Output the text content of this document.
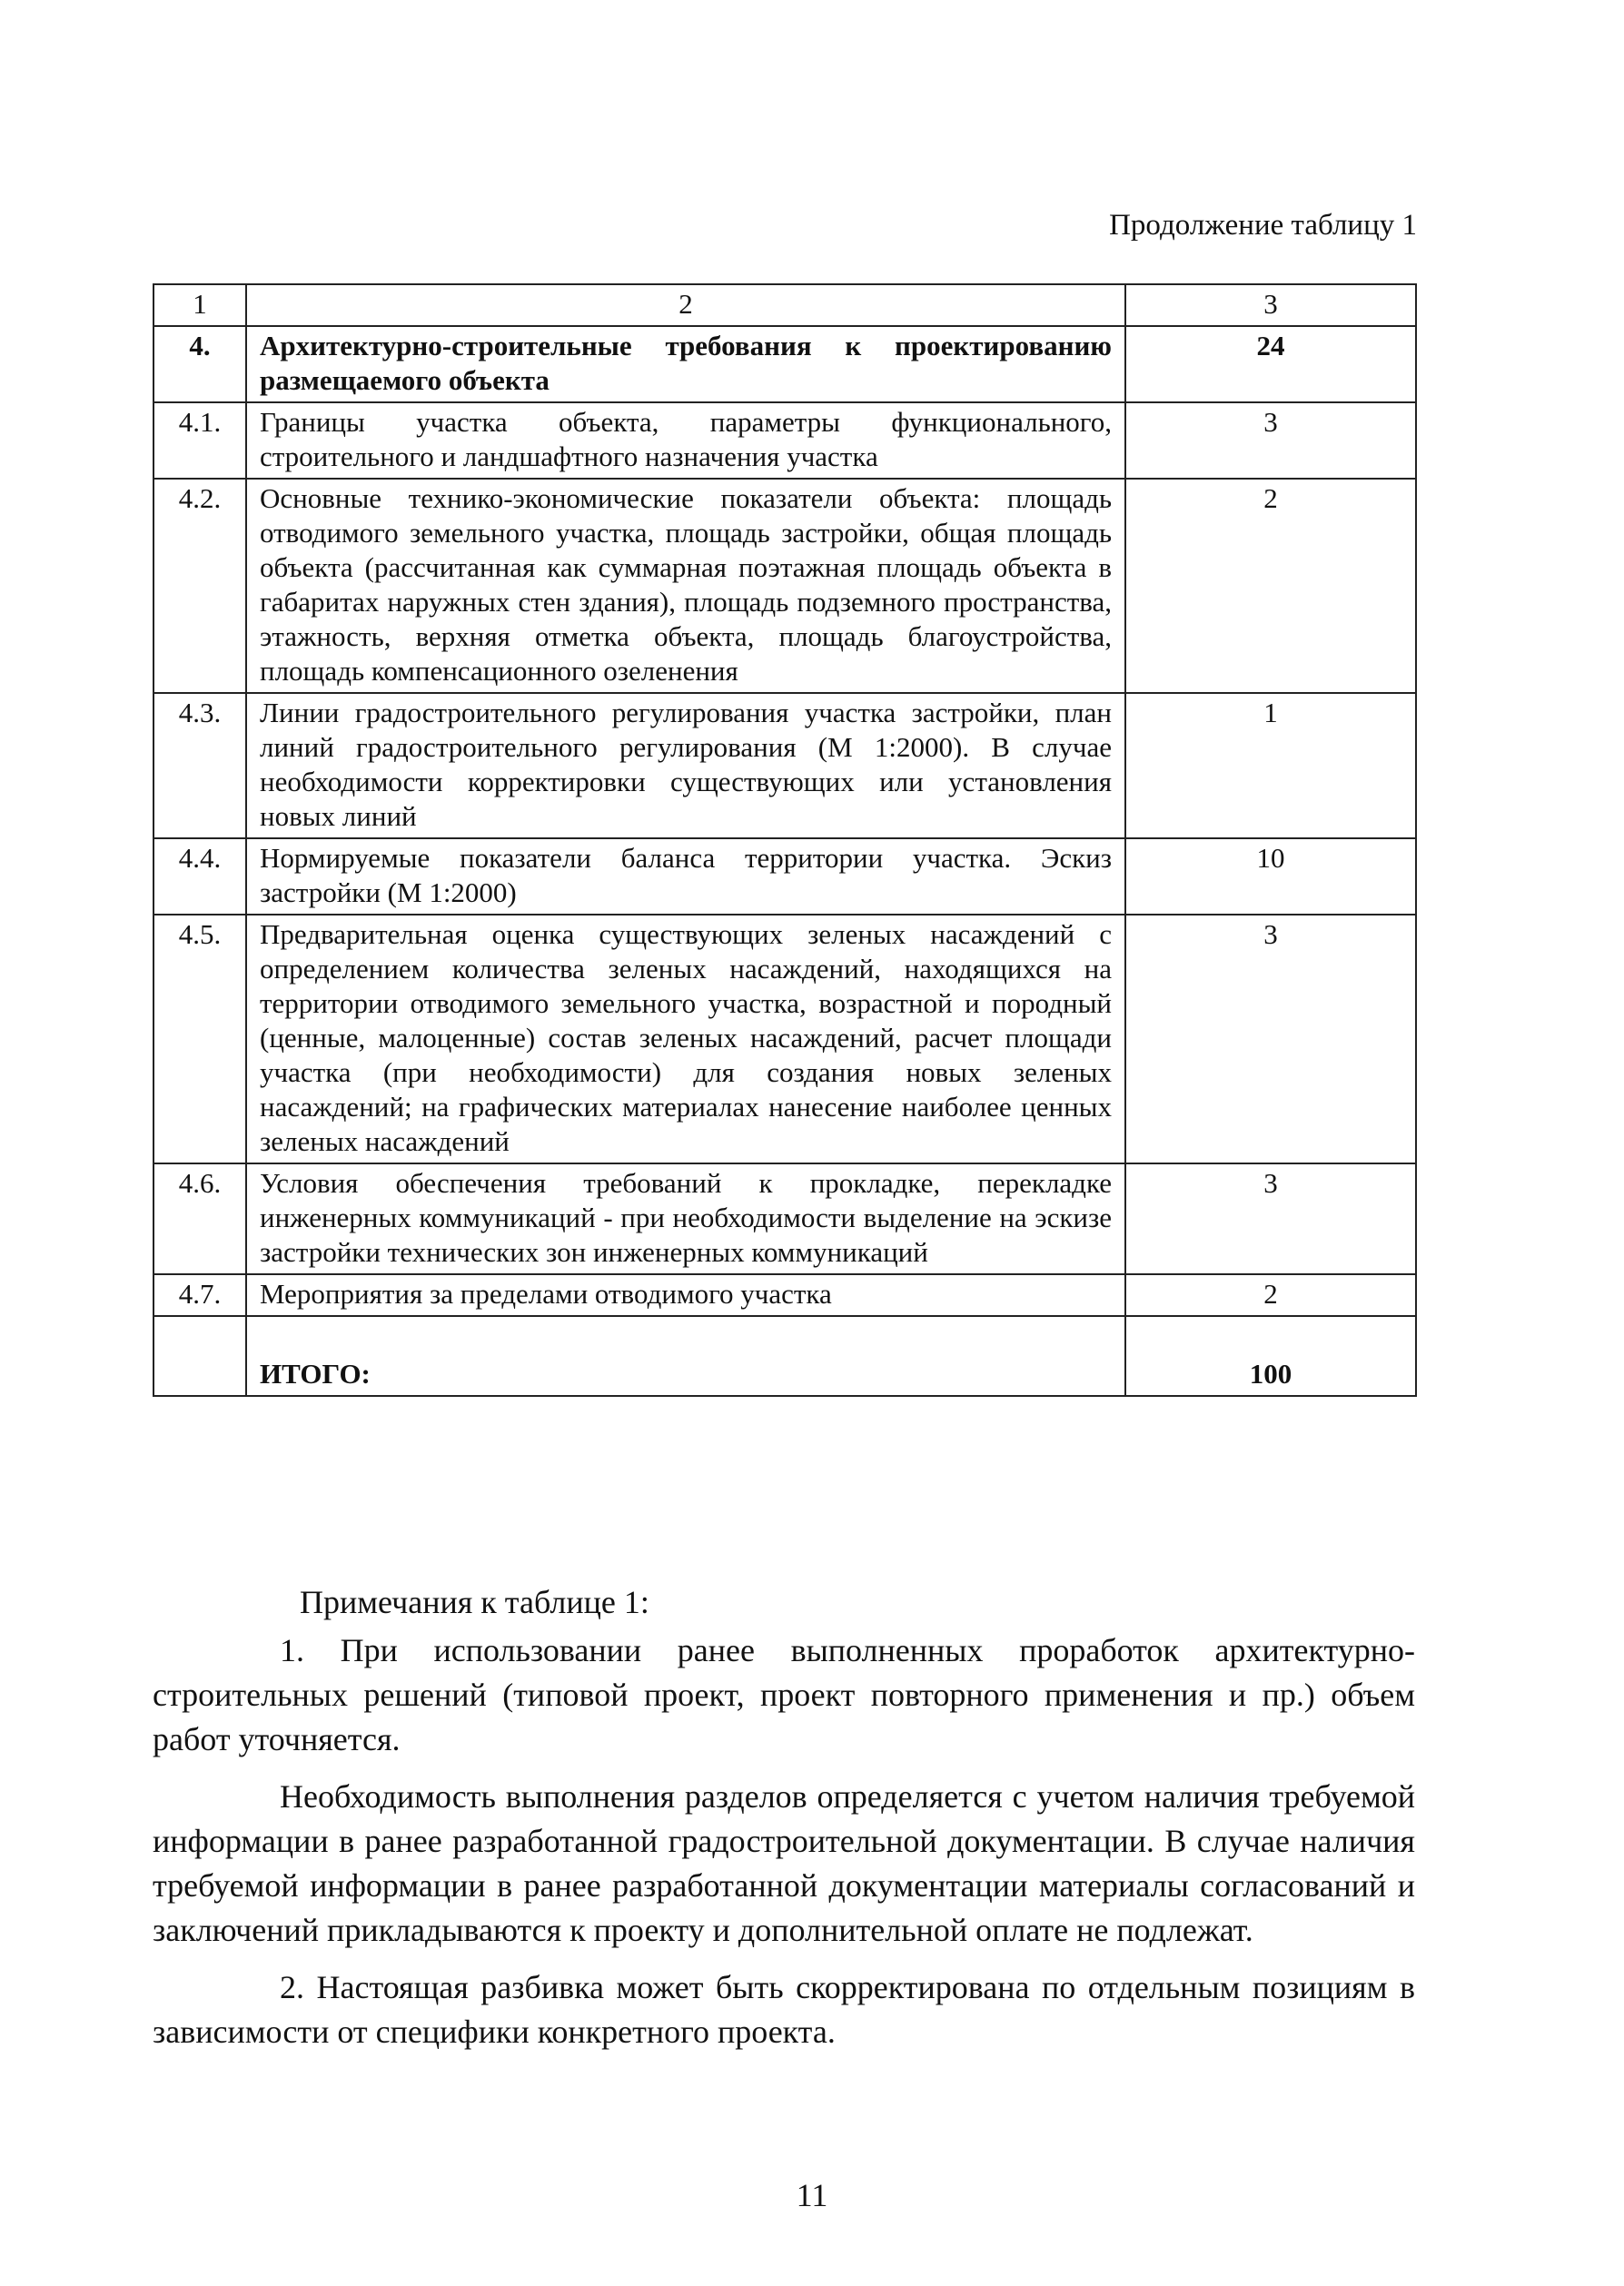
Продолжение таблицу 1
1	2	3
4.	Архитектурно-строительные требования к проектированию размещаемого объекта	24
4.1.	Границы участка объекта, параметры функционального, строительного и ландшафтного назначения участка	3
4.2.	Основные технико-экономические показатели объекта: площадь отводимого земельного участка, площадь застройки, общая площадь объекта (рассчитанная как суммарная поэтажная площадь объекта в габаритах наружных стен здания), площадь подземного пространства, этажность, верхняя отметка объекта, площадь благоустройства, площадь компенсационного озеленения	2
4.3.	Линии градостроительного регулирования участка застройки, план линий градостроительного регулирования (М 1:2000). В случае необходимости корректировки существующих или установления новых линий	1
4.4.	Нормируемые показатели баланса территории участка. Эскиз застройки (М 1:2000)	10
4.5.	Предварительная оценка существующих зеленых насаждений с определением количества зеленых насаждений, находящихся на территории отводимого земельного участка, возрастной и породный (ценные, малоценные) состав зеленых насаждений, расчет площади участка (при необходимости) для создания новых зеленых насаждений; на графических материалах нанесение наиболее ценных зеленых насаждений	3
4.6.	Условия обеспечения требований к прокладке, перекладке инженерных коммуникаций - при необходимости выделение на эскизе застройки технических зон инженерных коммуникаций	3
4.7.	Мероприятия за пределами отводимого участка	2
	ИТОГО:	100

Примечания к таблице 1:

1. При использовании ранее выполненных проработок архитектурно-строительных решений (типовой проект, проект повторного применения и пр.) объем работ уточняется.

Необходимость выполнения разделов определяется с учетом наличия требуемой информации в ранее разработанной градостроительной документации. В случае наличия требуемой информации в ранее разработанной документации материалы согласований и заключений прикладываются к проекту и дополнительной оплате не подлежат.

2. Настоящая разбивка может быть скорректирована по отдельным позициям в зависимости от специфики конкретного проекта.

11
